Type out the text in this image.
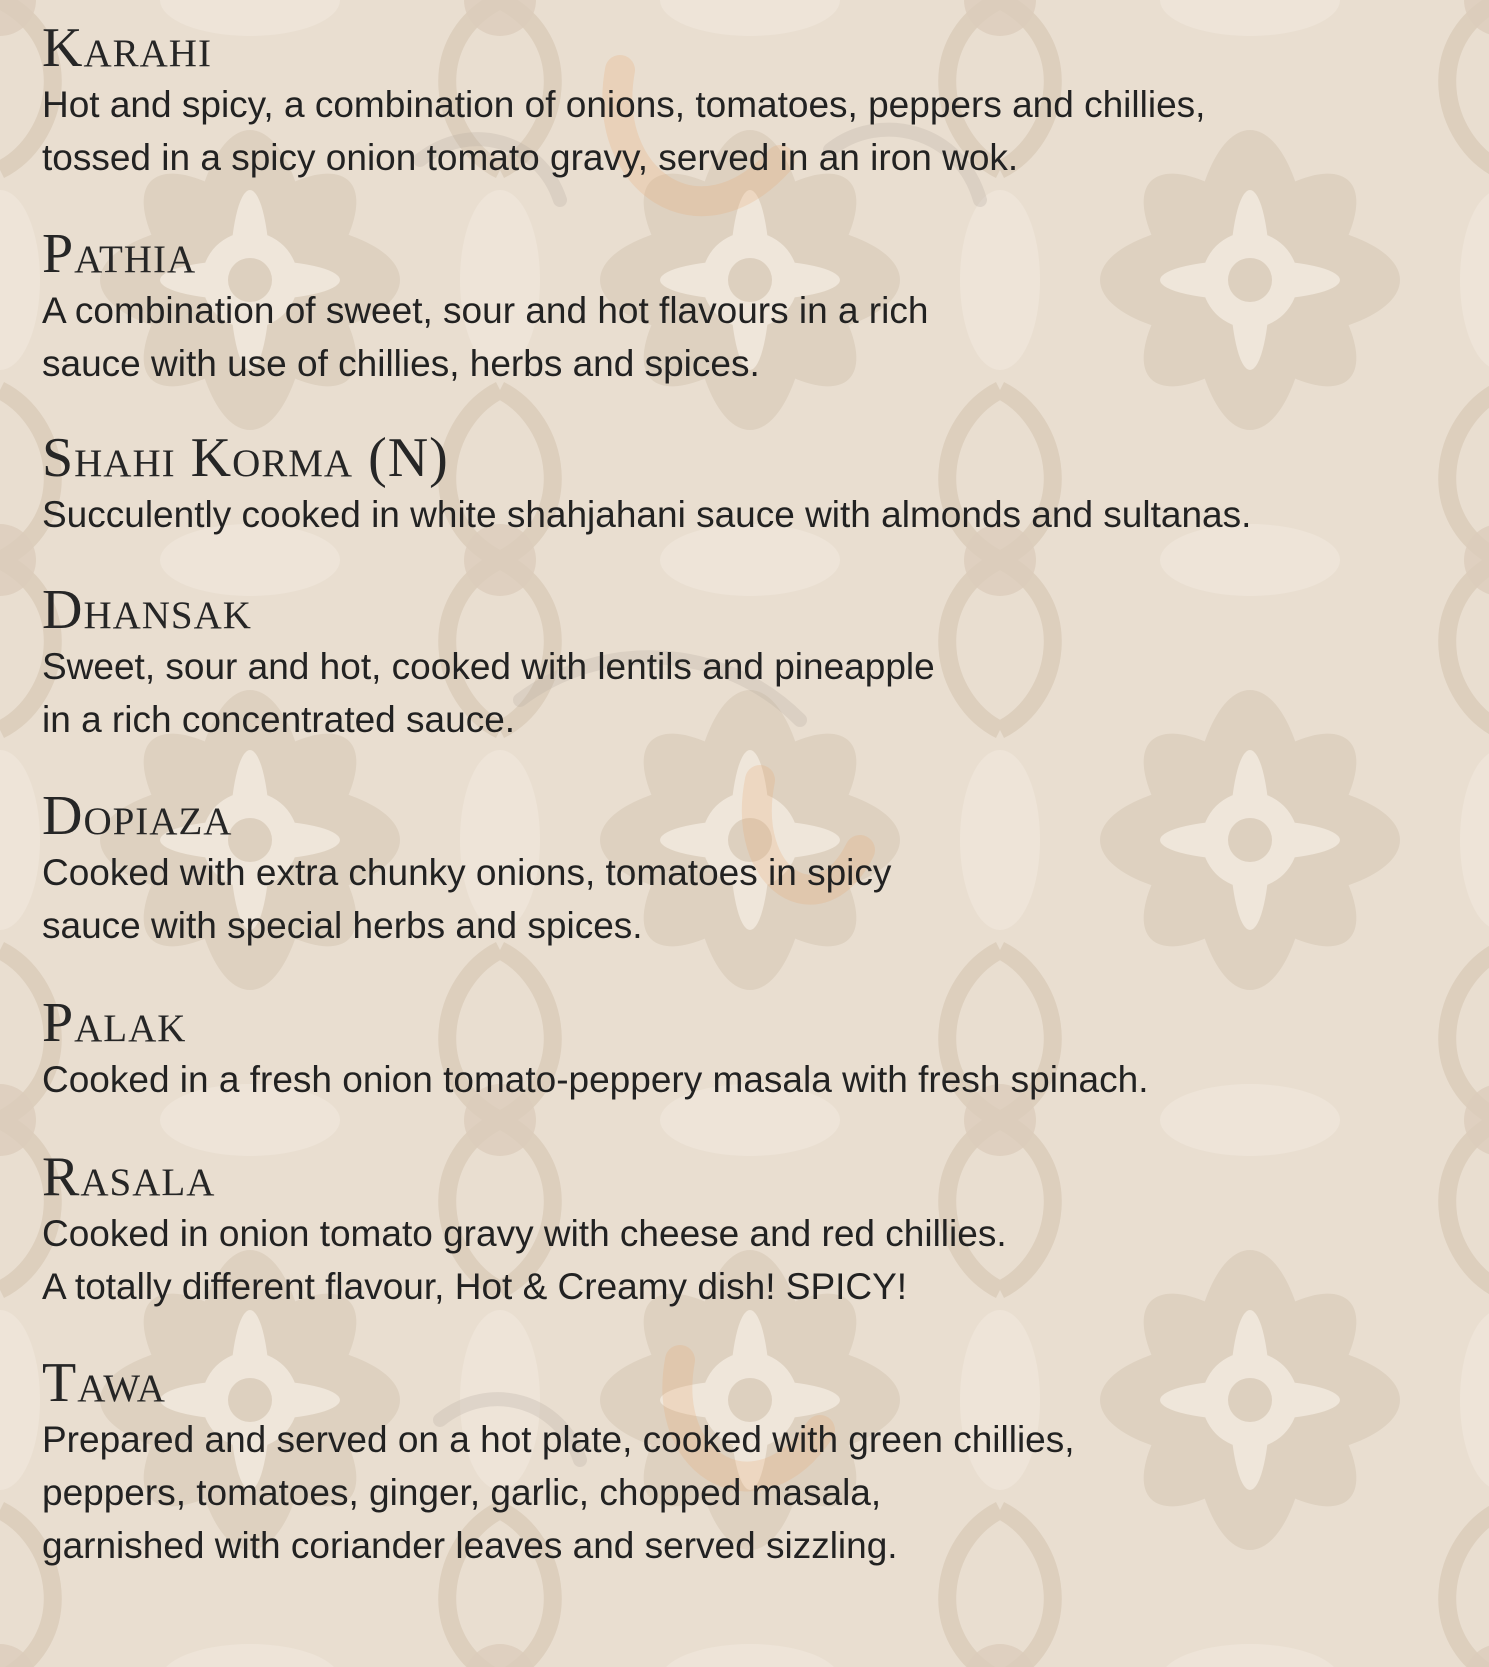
Karahi
Hot and spicy, a combination of onions, tomatoes, peppers and chillies,
tossed in a spicy onion tomato gravy, served in an iron wok.
Pathia
A combination of sweet, sour and hot flavours in a rich
sauce with use of chillies, herbs and spices.
Shahi Korma (N)
Succulently cooked in white shahjahani sauce with almonds and sultanas.
Dhansak
Sweet, sour and hot, cooked with lentils and pineapple
in a rich concentrated sauce.
Dopiaza
Cooked with extra chunky onions, tomatoes in spicy
sauce with special herbs and spices.
Palak
Cooked in a fresh onion tomato-peppery masala with fresh spinach.
Rasala
Cooked in onion tomato gravy with cheese and red chillies.
A totally different flavour, Hot & Creamy dish! SPICY!
Tawa
Prepared and served on a hot plate, cooked with green chillies,
peppers, tomatoes, ginger, garlic, chopped masala,
garnished with coriander leaves and served sizzling.
